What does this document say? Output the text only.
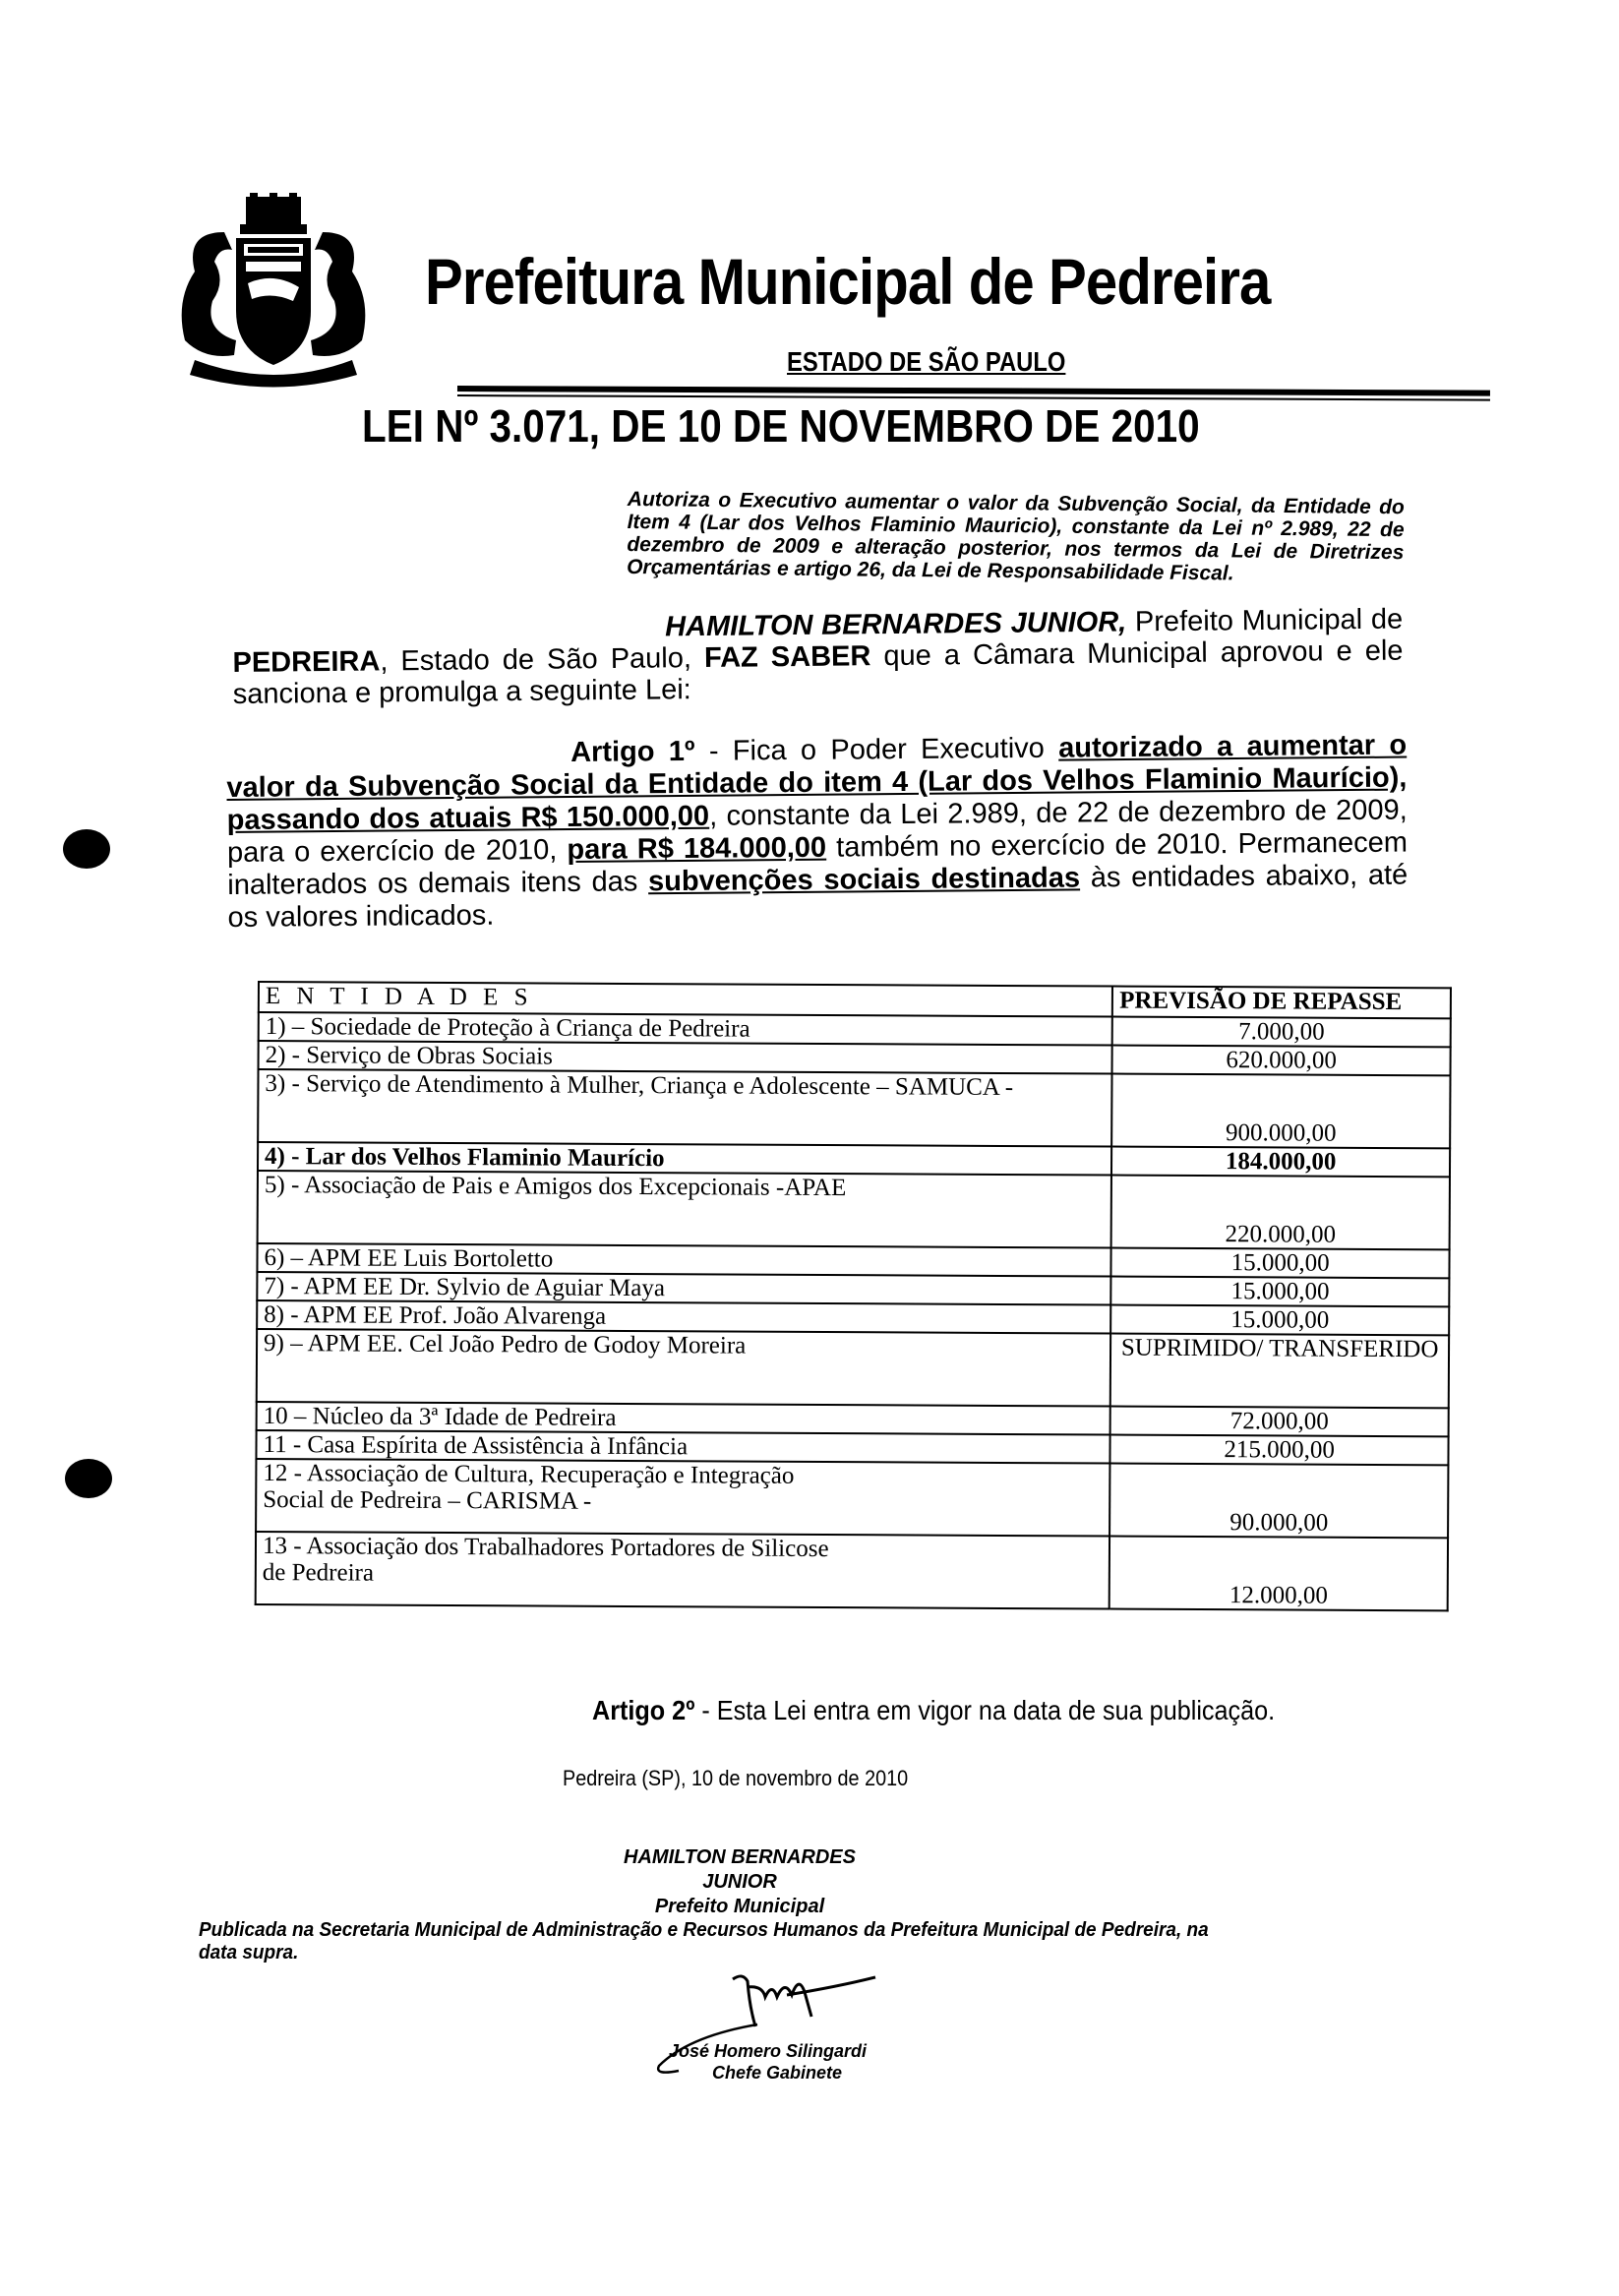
Prefeitura Municipal de Pedreira
ESTADO DE SÃO PAULO
LEI Nº 3.071, DE 10 DE NOVEMBRO DE 2010
Autoriza o Executivo aumentar o valor da Subvenção Social, da Entidade do Item 4 (Lar dos Velhos Flaminio Mauricio), constante da Lei nº 2.989, 22 de dezembro de 2009 e alteração posterior, nos termos da Lei de Diretrizes Orçamentárias e artigo 26, da Lei de Responsabilidade Fiscal.
HAMILTON BERNARDES JUNIOR, Prefeito Municipal de PEDREIRA, Estado de São Paulo, FAZ SABER que a Câmara Municipal aprovou e ele sanciona e promulga a seguinte Lei:
Artigo 1º - Fica o Poder Executivo autorizado a aumentar o valor da Subvenção Social da Entidade do item 4 (Lar dos Velhos Flaminio Maurício), passando dos atuais R$ 150.000,00, constante da Lei 2.989, de 22 de dezembro de 2009, para o exercício de 2010, para R$ 184.000,00 também no exercício de 2010. Permanecem inalterados os demais itens das subvenções sociais destinadas às entidades abaixo, até os valores indicados.
E N T I D A D E S	PREVISÃO DE REPASSE
1) – Sociedade de Proteção à Criança de Pedreira	7.000,00
2) - Serviço de Obras Sociais	620.000,00
3) - Serviço de Atendimento à Mulher, Criança e Adolescente – SAMUCA -	900.000,00
4) - Lar dos Velhos Flaminio Maurício	184.000,00
5) - Associação de Pais e Amigos dos Excepcionais -APAE	220.000,00
6) – APM EE Luis Bortoletto	15.000,00
7) - APM EE Dr. Sylvio de Aguiar Maya	15.000,00
8) - APM EE Prof. João Alvarenga	15.000,00
9) – APM EE. Cel João Pedro de Godoy Moreira	SUPRIMIDO/ TRANSFERIDO
10 – Núcleo da 3ª Idade de Pedreira	72.000,00
11 - Casa Espírita de Assistência à Infância	215.000,00
12 - Associação de Cultura, Recuperação e Integração Social de Pedreira – CARISMA -	90.000,00
13 - Associação dos Trabalhadores Portadores de Silicose de Pedreira	12.000,00
Artigo 2º - Esta Lei entra em vigor na data de sua publicação.
Pedreira (SP), 10 de novembro de 2010
HAMILTON BERNARDES JUNIOR
Prefeito Municipal
Publicada na Secretaria Municipal de Administração e Recursos Humanos da Prefeitura Municipal de Pedreira, na data supra.
José Homero Silingardi
Chefe Gabinete
